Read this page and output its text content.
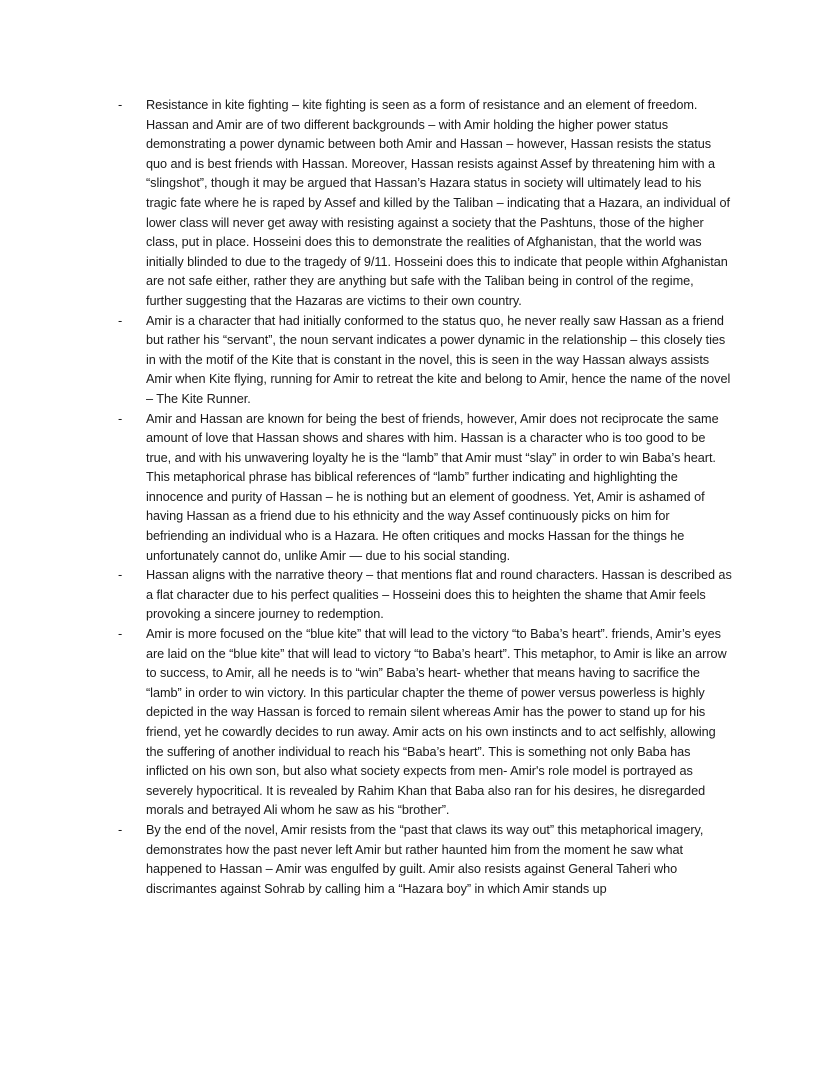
-	Resistance in kite fighting – kite fighting is seen as a form of resistance and an element of freedom. Hassan and Amir are of two different backgrounds – with Amir holding the higher power status demonstrating a power dynamic between both Amir and Hassan – however, Hassan resists the status quo and is best friends with Hassan. Moreover, Hassan resists against Assef by threatening him with a “slingshot”, though it may be argued that Hassan’s Hazara status in society will ultimately lead to his tragic fate where he is raped by Assef and killed by the Taliban – indicating that a Hazara, an individual of lower class will never get away with resisting against a society that the Pashtuns, those of the higher class, put in place. Hosseini does this to demonstrate the realities of Afghanistan, that the world was initially blinded to due to the tragedy of 9/11. Hosseini does this to indicate that people within Afghanistan are not safe either, rather they are anything but safe with the Taliban being in control of the regime, further suggesting that the Hazaras are victims to their own country.
-	Amir is a character that had initially conformed to the status quo, he never really saw Hassan as a friend but rather his “servant”, the noun servant indicates a power dynamic in the relationship – this closely ties in with the motif of the Kite that is constant in the novel, this is seen in the way Hassan always assists Amir when Kite flying, running for Amir to retreat the kite and belong to Amir, hence the name of the novel – The Kite Runner.
-	Amir and Hassan are known for being the best of friends, however, Amir does not reciprocate the same amount of love that Hassan shows and shares with him. Hassan is a character who is too good to be true, and with his unwavering loyalty he is the “lamb” that Amir must “slay” in order to win Baba’s heart. This metaphorical phrase has biblical references of “lamb” further indicating and highlighting the innocence and purity of Hassan – he is nothing but an element of goodness. Yet, Amir is ashamed of having Hassan as a friend due to his ethnicity and the way Assef continuously picks on him for befriending an individual who is a Hazara. He often critiques and mocks Hassan for the things he unfortunately cannot do, unlike Amir — due to his social standing.
-	Hassan aligns with the narrative theory – that mentions flat and round characters. Hassan is described as a flat character due to his perfect qualities – Hosseini does this to heighten the shame that Amir feels provoking a sincere journey to redemption.
-	Amir is more focused on the “blue kite” that will lead to the victory “to Baba’s heart”. friends, Amir’s eyes are laid on the “blue kite” that will lead to victory “to Baba’s heart”. This metaphor, to Amir is like an arrow to success, to Amir, all he needs is to “win” Baba’s heart- whether that means having to sacrifice the “lamb” in order to win victory. In this particular chapter the theme of power versus powerless is highly depicted in the way Hassan is forced to remain silent whereas Amir has the power to stand up for his friend, yet he cowardly decides to run away. Amir acts on his own instincts and to act selfishly, allowing the suffering of another individual to reach his “Baba’s heart”. This is something not only Baba has inflicted on his own son, but also what society expects from men- Amir's role model is portrayed as severely hypocritical. It is revealed by Rahim Khan that Baba also ran for his desires, he disregarded morals and betrayed Ali whom he saw as his “brother”.
-	By the end of the novel, Amir resists from the “past that claws its way out” this metaphorical imagery, demonstrates how the past never left Amir but rather haunted him from the moment he saw what happened to Hassan – Amir was engulfed by guilt. Amir also resists against General Taheri who discrimantes against Sohrab by calling him a “Hazara boy” in which Amir stands up
